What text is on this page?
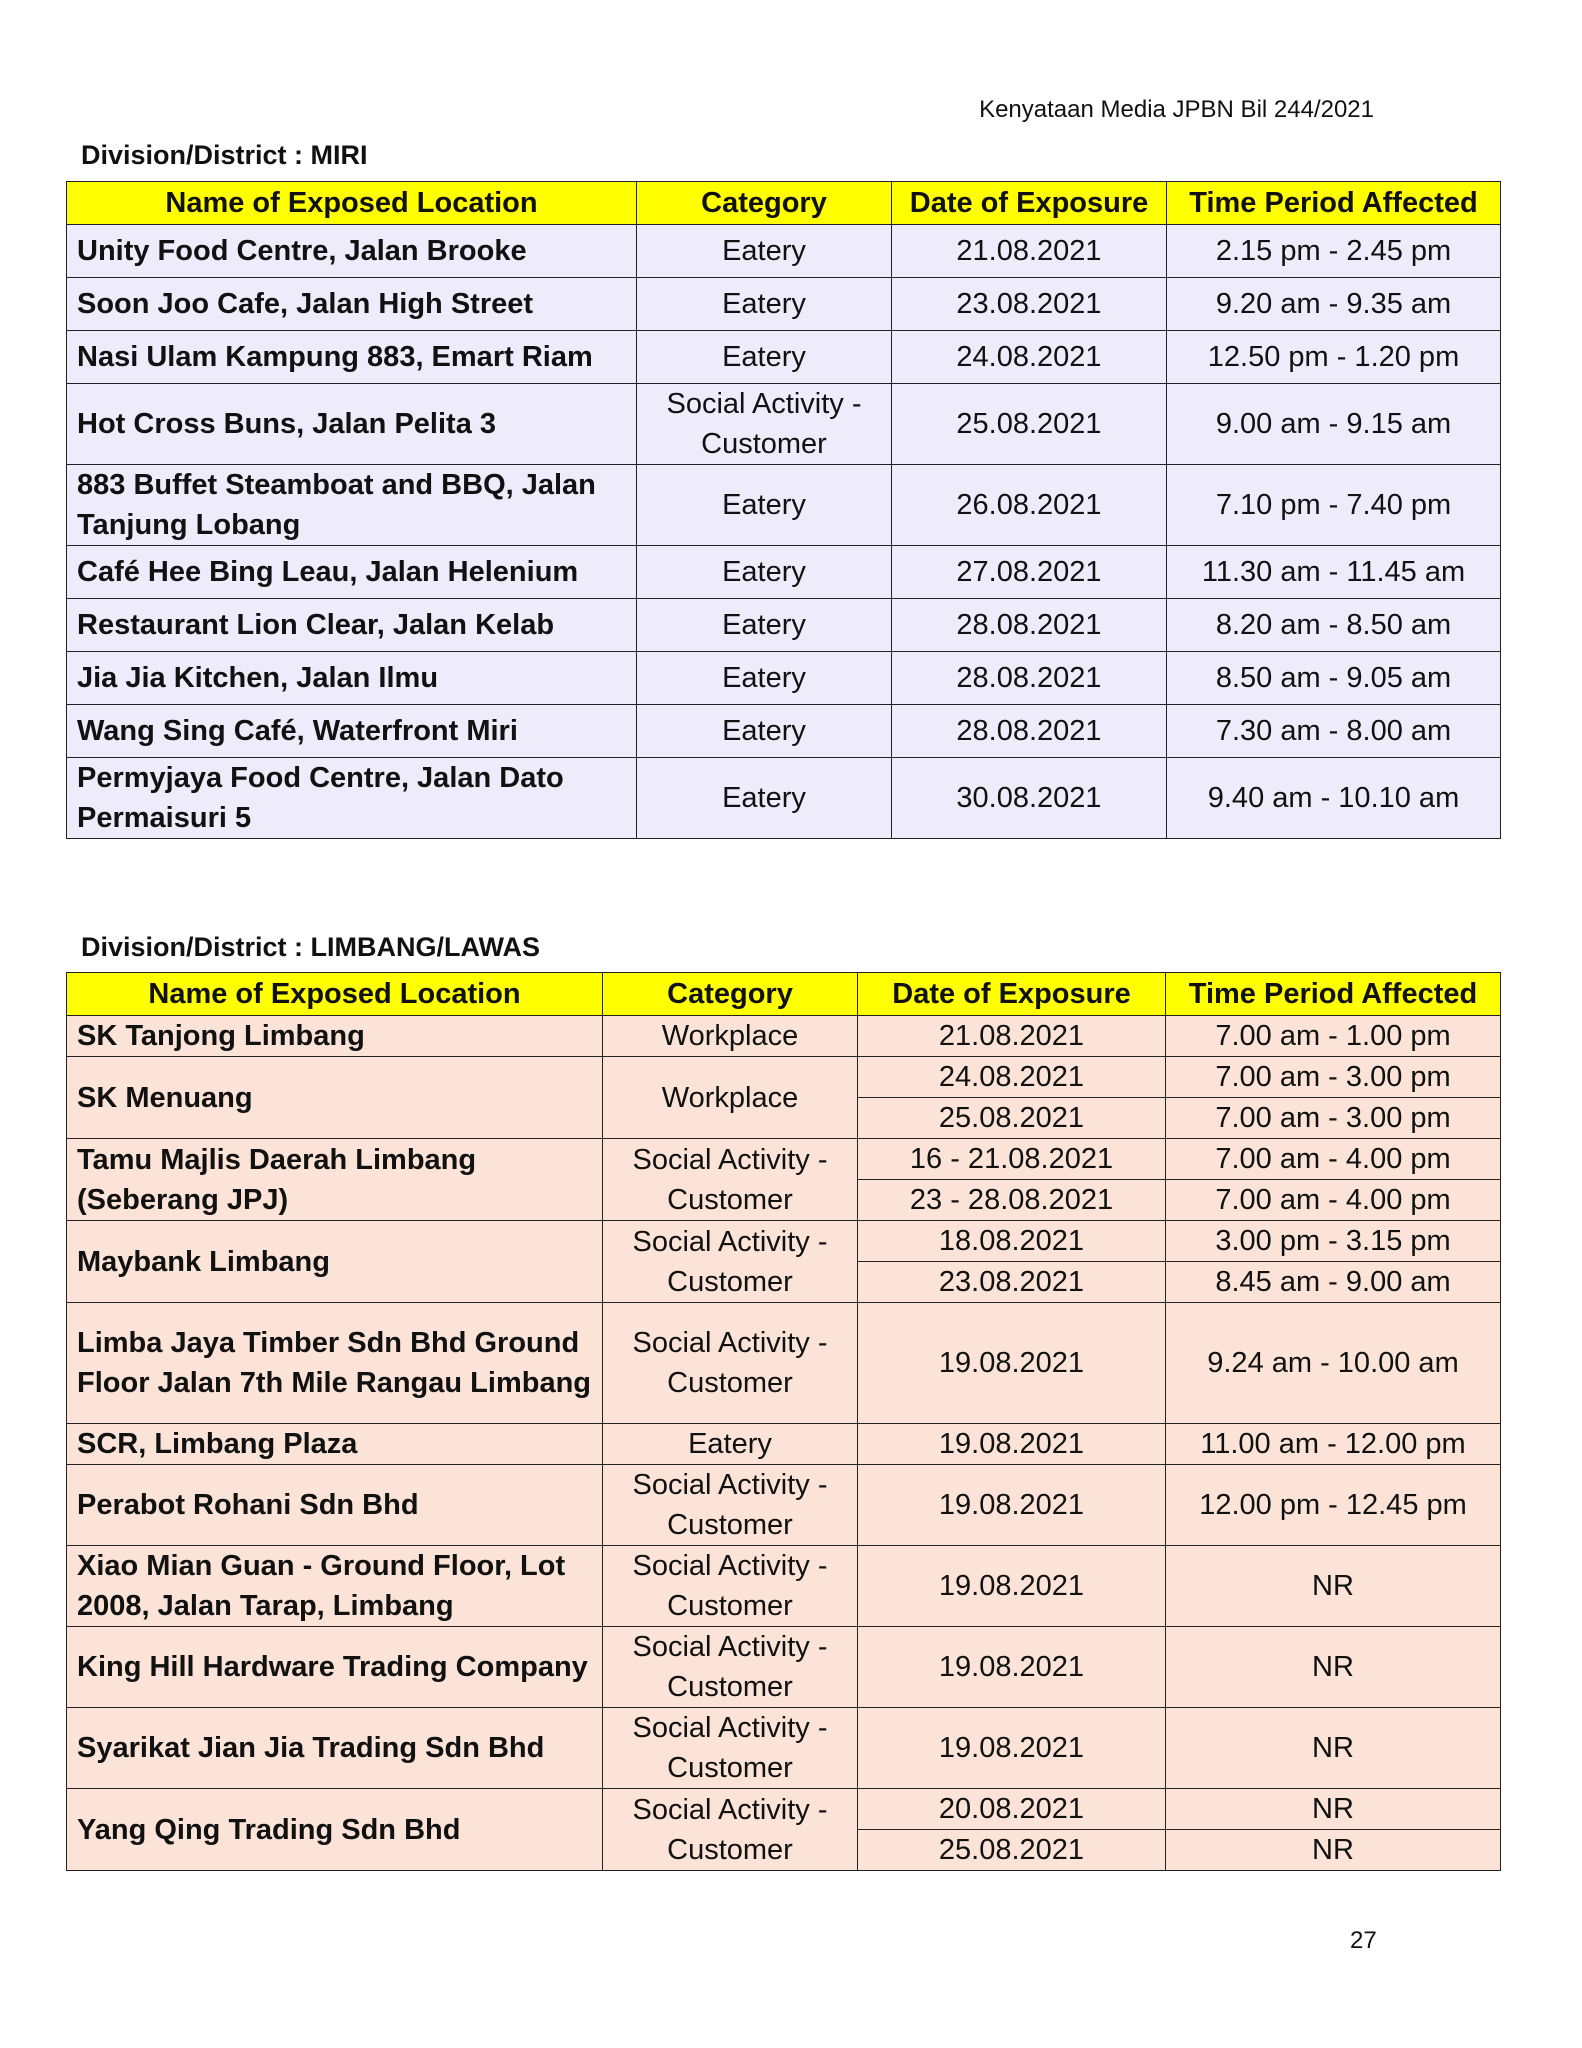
Kenyataan Media JPBN Bil 244/2021
Division/District : MIRI
Name of Exposed Location	Category	Date of Exposure	Time Period Affected
Unity Food Centre, Jalan Brooke	Eatery	21.08.2021	2.15 pm - 2.45 pm
Soon Joo Cafe, Jalan High Street	Eatery	23.08.2021	9.20 am - 9.35 am
Nasi Ulam Kampung 883, Emart Riam	Eatery	24.08.2021	12.50 pm - 1.20 pm
Hot Cross Buns, Jalan Pelita 3	Social Activity - Customer	25.08.2021	9.00 am - 9.15 am
883 Buffet Steamboat and BBQ, Jalan Tanjung Lobang	Eatery	26.08.2021	7.10 pm - 7.40 pm
Café Hee Bing Leau, Jalan Helenium	Eatery	27.08.2021	11.30 am - 11.45 am
Restaurant Lion Clear, Jalan Kelab	Eatery	28.08.2021	8.20 am - 8.50 am
Jia Jia Kitchen, Jalan Ilmu	Eatery	28.08.2021	8.50 am - 9.05 am
Wang Sing Café, Waterfront Miri	Eatery	28.08.2021	7.30 am - 8.00 am
Permyjaya Food Centre, Jalan Dato Permaisuri 5	Eatery	30.08.2021	9.40 am - 10.10 am
Division/District : LIMBANG/LAWAS
Name of Exposed Location	Category	Date of Exposure	Time Period Affected
SK Tanjong Limbang	Workplace	21.08.2021	7.00 am - 1.00 pm
SK Menuang	Workplace	24.08.2021	7.00 am - 3.00 pm
		25.08.2021	7.00 am - 3.00 pm
Tamu Majlis Daerah Limbang (Seberang JPJ)	Social Activity - Customer	16 - 21.08.2021	7.00 am - 4.00 pm
		23 - 28.08.2021	7.00 am - 4.00 pm
Maybank Limbang	Social Activity - Customer	18.08.2021	3.00 pm - 3.15 pm
		23.08.2021	8.45 am - 9.00 am
Limba Jaya Timber Sdn Bhd Ground Floor Jalan 7th Mile Rangau Limbang	Social Activity - Customer	19.08.2021	9.24 am - 10.00 am
SCR, Limbang Plaza	Eatery	19.08.2021	11.00 am - 12.00 pm
Perabot Rohani Sdn Bhd	Social Activity - Customer	19.08.2021	12.00 pm - 12.45 pm
Xiao Mian Guan - Ground Floor, Lot 2008, Jalan Tarap, Limbang	Social Activity - Customer	19.08.2021	NR
King Hill Hardware Trading Company	Social Activity - Customer	19.08.2021	NR
Syarikat Jian Jia Trading Sdn Bhd	Social Activity - Customer	19.08.2021	NR
Yang Qing Trading Sdn Bhd	Social Activity - Customer	20.08.2021	NR
		25.08.2021	NR
27
